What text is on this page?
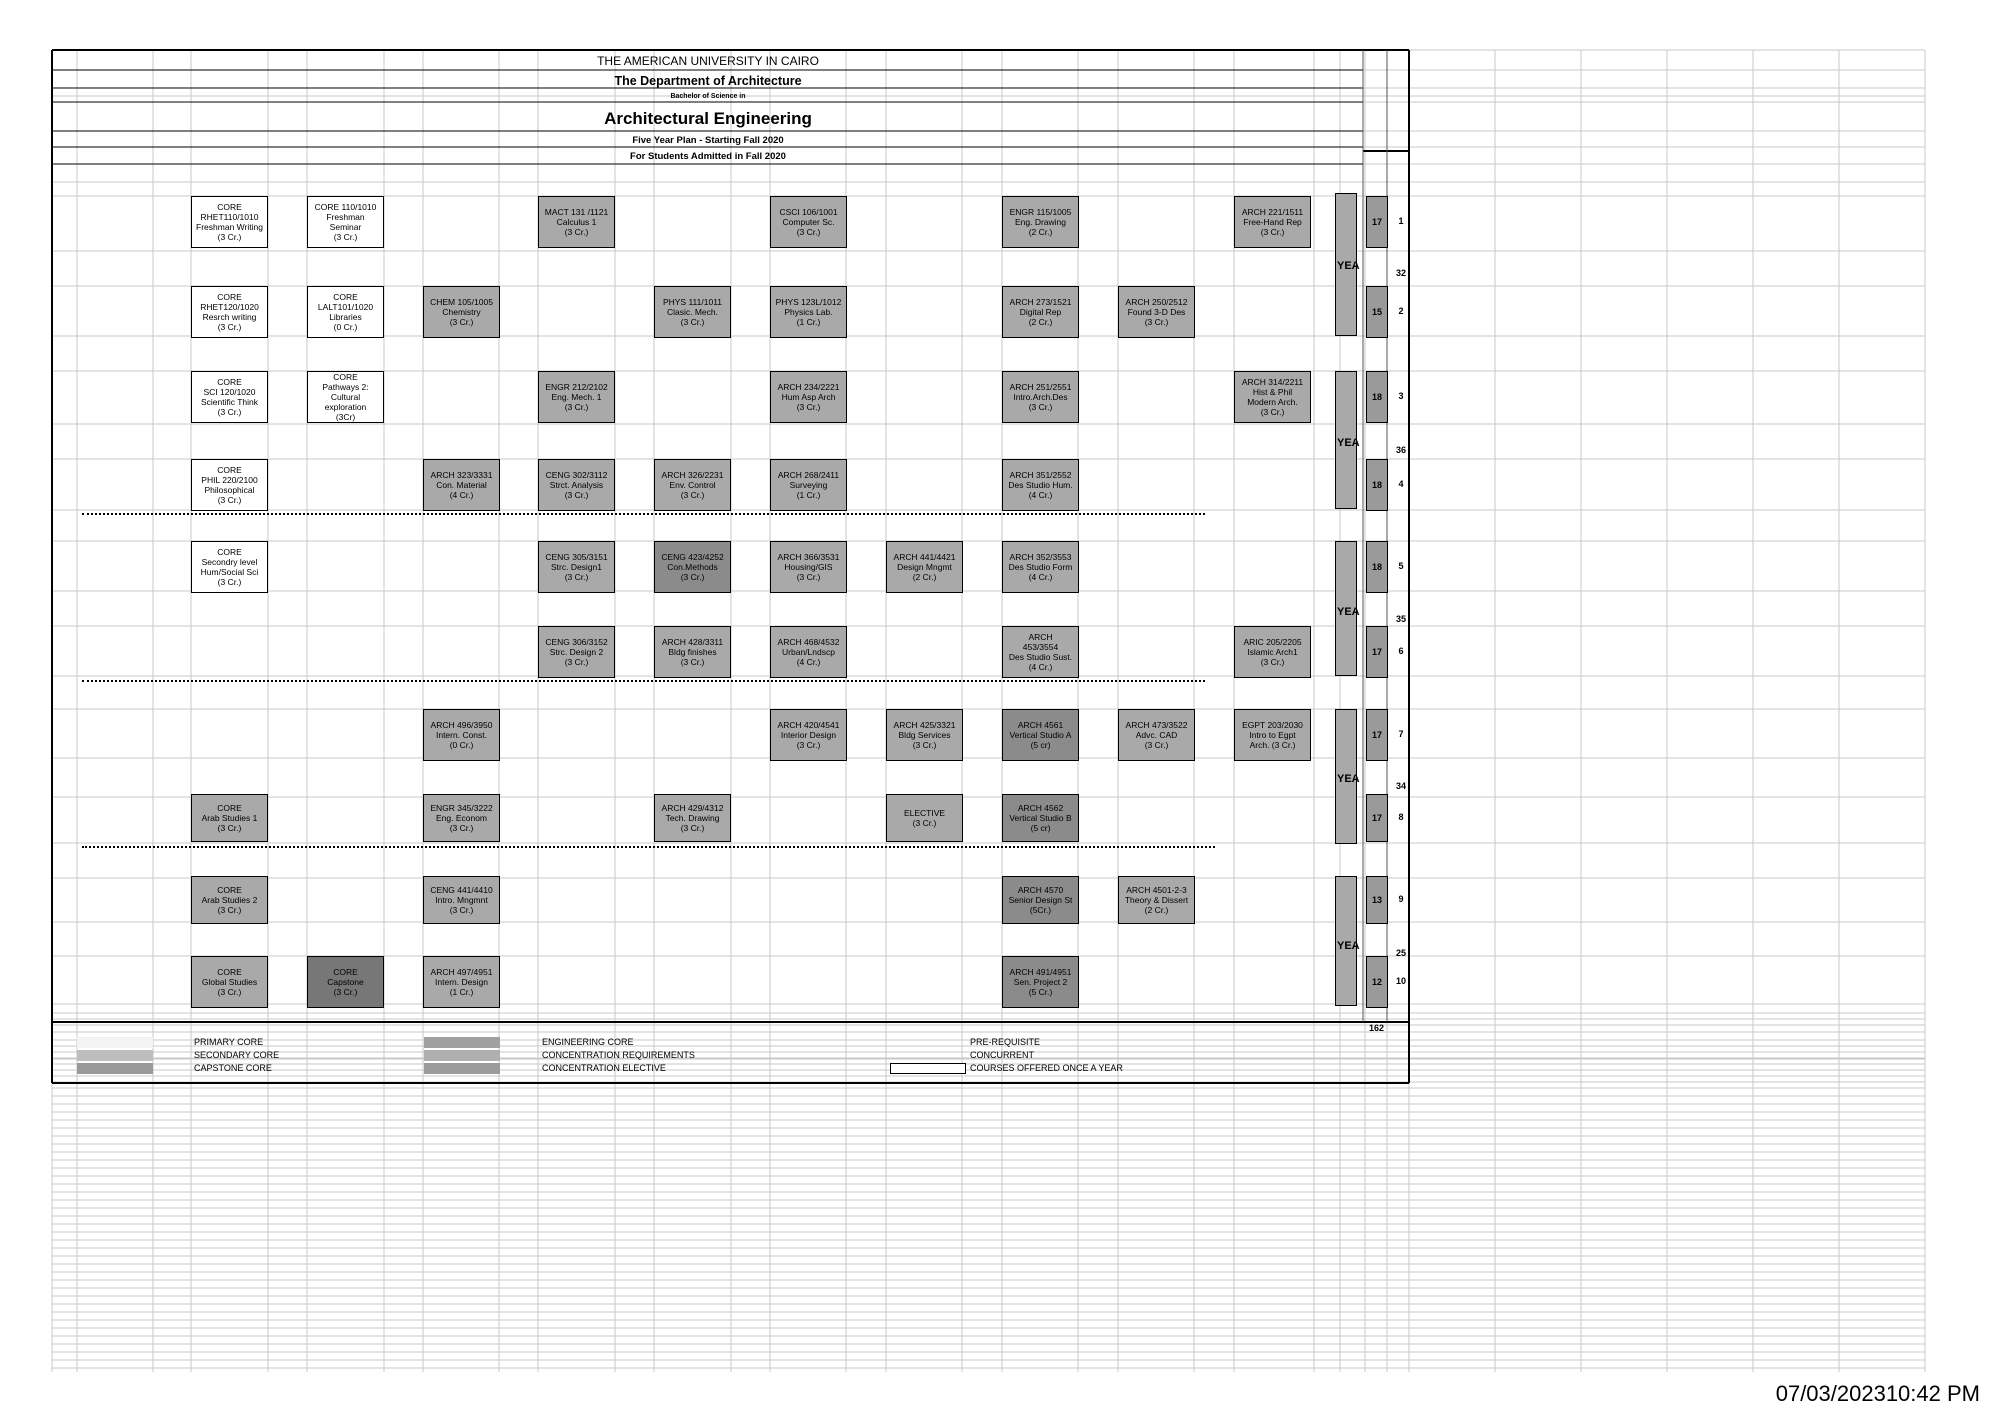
THE AMERICAN UNIVERSITY IN CAIRO
The Department of Architecture
Bachelor of Science in
Architectural Engineering
Five Year Plan - Starting Fall 2020
For Students Admitted in Fall 2020
CORE
RHET110/1010
Freshman Writing
(3 Cr.)
CORE 110/1010
Freshman
Seminar
(3 Cr.)
MACT 131 /1121
Calculus 1
(3 Cr.)
CSCI 106/1001
Computer Sc.
(3 Cr.)
ENGR 115/1005
Eng. Drawing
(2 Cr.)
ARCH 221/1511
Free-Hand Rep
(3 Cr.)
CORE
RHET120/1020
Resrch writing
(3 Cr.)
CORE
LALT101/1020
Libraries
(0 Cr.)
CHEM 105/1005
Chemistry
(3 Cr.)
PHYS 111/1011
Clasic. Mech.
(3 Cr.)
PHYS 123L/1012
Physics Lab.
(1 Cr.)
ARCH 273/1521
Digital Rep
(2 Cr.)
ARCH 250/2512
Found 3-D Des
(3 Cr.)
CORE
SCI 120/1020
Scientific Think
(3 Cr.)
CORE
Pathways 2:
Cultural
exploration
(3Cr)
ENGR 212/2102
Eng. Mech. 1
(3 Cr.)
ARCH 234/2221
Hum Asp Arch
(3 Cr.)
ARCH 251/2551
Intro.Arch.Des
(3 Cr.)
ARCH 314/2211
Hist & Phil
Modern Arch.
(3 Cr.)
CORE
PHIL 220/2100
Philosophical
(3 Cr.)
ARCH 323/3331
Con. Material
(4 Cr.)
CENG 302/3112
Strct. Analysis
(3 Cr.)
ARCH 326/2231
Env. Control
(3 Cr.)
ARCH 268/2411
Surveying
(1 Cr.)
ARCH 351/2552
Des Studio Hum.
(4 Cr.)
CORE
Secondry level
Hum/Social Sci
(3 Cr.)
CENG 305/3151
Strc. Design1
(3 Cr.)
CENG 423/4252
Con.Methods
(3 Cr.)
ARCH 366/3531
Housing/GIS
(3 Cr.)
ARCH 441/4421
Design Mngmt
(2 Cr.)
ARCH 352/3553
Des Studio Form
(4 Cr.)
CENG 306/3152
Strc. Design 2
(3 Cr.)
ARCH 428/3311
Bldg finishes
(3 Cr.)
ARCH 468/4532
Urban/Lndscp
(4 Cr.)
ARCH
453/3554
Des Studio Sust.
(4 Cr.)
ARIC 205/2205
Islamic Arch1
(3 Cr.)
ARCH 496/3950
Intern. Const.
(0 Cr.)
ARCH 420/4541
Interior Design
(3 Cr.)
ARCH 425/3321
Bldg Services
(3 Cr.)
ARCH 4561
Vertical Studio A
(5 cr)
ARCH 473/3522
Advc. CAD
(3 Cr.)
EGPT 203/2030
Intro to Egpt
Arch. (3 Cr.)
CORE
Arab Studies 1
(3 Cr.)
ENGR 345/3222
Eng. Econom
(3 Cr.)
ARCH 429/4312
Tech. Drawing
(3 Cr.)
ELECTIVE
(3 Cr.)
ARCH 4562
Vertical Studio B
(5 cr)
CORE
Arab Studies 2
(3 Cr.)
CENG 441/4410
Intro. Mngmnt
(3 Cr.)
ARCH 4570
Senior Design St
(5Cr.)
ARCH 4501-2-3
Theory & Dissert
(2 Cr.)
CORE
Global Studies
(3 Cr.)
CORE
Capstone
(3 Cr.)
ARCH 497/4951
Intern. Design
(1 Cr.)
ARCH 491/4951
Sen. Project 2
(5 Cr.)
YEA
32
YEA
36
YEA
35
YEA
34
YEA
25
17	1
15	2
18	3
18	4
18	5
17	6
17	7
17	8
13	9
12	10
PRIMARY CORE
SECONDARY CORE
CAPSTONE CORE
ENGINEERING CORE
CONCENTRATION REQUIREMENTS
CONCENTRATION ELECTIVE
PRE-REQUISITE
CONCURRENT
COURSES OFFERED ONCE A YEAR
162
07/03/202310:42 PM
